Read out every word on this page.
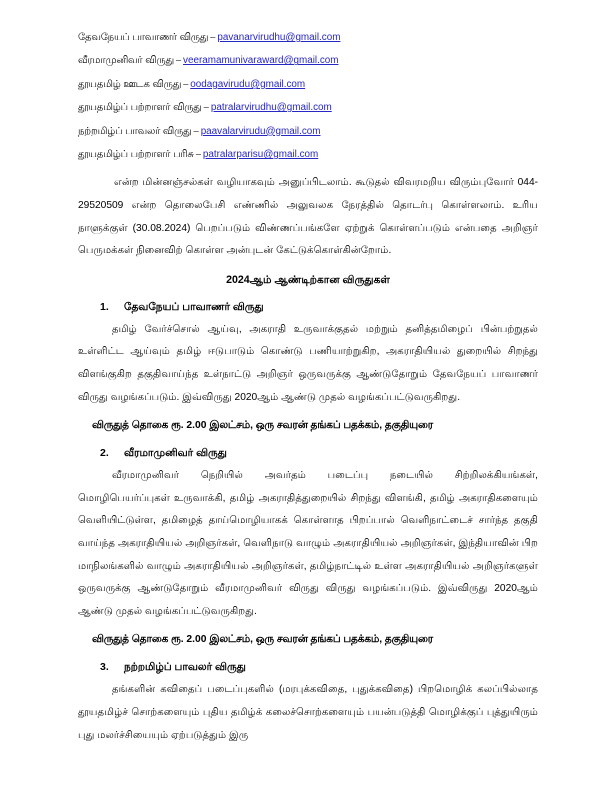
தேவநேயப் பாவாணர் விருது – pavanarvirudhu@gmail.com
வீரமாமுனிவர் விருது – veeramamunivaraward@gmail.com
தூயதமிழ் ஊடக விருது – oodagavirudu@gmail.com
தூயதமிழ்ப் பற்றாளர் விருது – patralarvirudhu@gmail.com
நற்றமிழ்ப் பாவலர் விருது – paavalarvirudu@gmail.com
தூயதமிழ்ப் பற்றாளர் பரிசு – patralarparisu@gmail.com

என்ற மின்னஞ்சல்கள் வழியாகவும் அனுப்பிடலாம். கூடுதல் விவரமறிய விரும்புவோர் 044- 29520509 என்ற தொலைபேசி எண்ணில் அலுவலக நேரத்தில் தொடர்பு கொள்ளலாம். உரிய நாளுக்குள் (30.08.2024) பெறப்படும் விண்ணப்பங்களே ஏற்றுக் கொள்ளப்படும் என்பதை அறிஞர் பெருமக்கள் நினைவிற் கொள்ள அன்புடன் கேட்டுக்கொள்கின்றோம்.

2024ஆம் ஆண்டிற்கான விருதுகள்
1.	தேவநேயப் பாவாணர் விருது

தமிழ் வேர்ச்சொல் ஆய்வு, அகராதி உருவாக்குதல் மற்றும் தனித்தமிழைப் பின்பற்றுதல் உள்ளிட்ட ஆய்வும் தமிழ் ஈடுபாடும் கொண்டு பணியாற்றுகிற, அகராதியியல் துறையில் சிறந்து விளங்குகிற தகுதிவாய்ந்த உள்நாட்டு அறிஞர் ஒருவருக்கு ஆண்டுதோறும் தேவநேயப் பாவாணர் விருது வழங்கப்படும். இவ்விருது 2020ஆம் ஆண்டு முதல் வழங்கப்பட்டுவருகிறது.

விருதுத் தொகை ரூ. 2.00 இலட்சம், ஒரு சவரன் தங்கப் பதக்கம், தகுதியுரை

2.	வீரமாமுனிவர் விருது

வீரமாமுனிவர் நெறியில் அவர்தம் படைப்பு நடையில் சிற்றிலக்கியங்கள், மொழிபெயர்ப்புகள் உருவாக்கி, தமிழ் அகராதித்துறையில் சிறந்து விளங்கி, தமிழ் அகராதிகளையும் வெளியிட்டுள்ள, தமிழைத் தாய்மொழியாகக் கொள்ளாத பிறப்பால் வெளிநாட்டைச் சார்ந்த தகுதி வாய்ந்த அகராதியியல் அறிஞர்கள், வெளிநாடு வாழும் அகராதியியல் அறிஞர்கள், இந்தியாவின் பிற மாநிலங்களில் வாழும் அகராதியியல் அறிஞர்கள், தமிழ்நாட்டில் உள்ள அகராதியியல் அறிஞர்களுள் ஒருவருக்கு ஆண்டுதோறும் வீரமாமுனிவர் விருது விருது வழங்கப்படும். இவ்விருது 2020ஆம் ஆண்டு முதல் வழங்கப்பட்டுவருகிறது.

விருதுத் தொகை ரூ. 2.00 இலட்சம், ஒரு சவரன் தங்கப் பதக்கம், தகுதியுரை

3.	நற்றமிழ்ப் பாவலர் விருது

தங்களின் கவிதைப் படைப்புகளில் (மரபுக்கவிதை, புதுக்கவிதை) பிறமொழிக் கலப்பில்லாத தூயதமிழ்ச் சொற்களையும் புதிய தமிழ்க் கலைச்சொற்களையும் பயன்படுத்தி மொழிக்குப் புத்துயிரும் புது மலர்ச்சியையும் ஏற்படுத்தும் இரு
